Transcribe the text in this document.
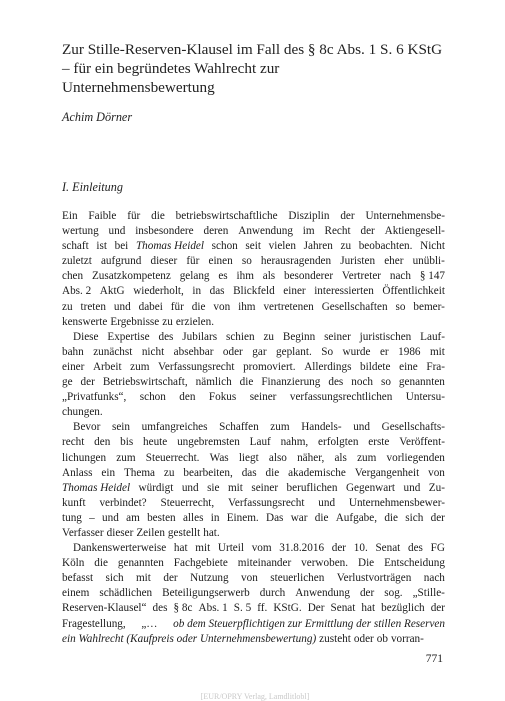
Zur Stille-Reserven-Klausel im Fall des § 8c Abs. 1 S. 6 KStG
– für ein begründetes Wahlrecht zur
Unternehmensbewertung
Achim Dörner
I. Einleitung
Ein Faible für die betriebswirtschaftliche Disziplin der Unternehmensbe-
wertung und insbesondere deren Anwendung im Recht der Aktiengesell-
schaft ist bei Thomas Heidel schon seit vielen Jahren zu beobachten. Nicht
zuletzt aufgrund dieser für einen so herausragenden Juristen eher unübli-
chen Zusatzkompetenz gelang es ihm als besonderer Vertreter nach § 147
Abs. 2 AktG wiederholt, in das Blickfeld einer interessierten Öffentlichkeit
zu treten und dabei für die von ihm vertretenen Gesellschaften so bemer-
kenswerte Ergebnisse zu erzielen.
Diese Expertise des Jubilars schien zu Beginn seiner juristischen Lauf-
bahn zunächst nicht absehbar oder gar geplant. So wurde er 1986 mit
einer Arbeit zum Verfassungsrecht promoviert. Allerdings bildete eine Fra-
ge der Betriebswirtschaft, nämlich die Finanzierung des noch so genannten
„Privatfunks“, schon den Fokus seiner verfassungsrechtlichen Untersu-
chungen.
Bevor sein umfangreiches Schaffen zum Handels- und Gesellschafts-
recht den bis heute ungebremsten Lauf nahm, erfolgten erste Veröffent-
lichungen zum Steuerrecht. Was liegt also näher, als zum vorliegenden
Anlass ein Thema zu bearbeiten, das die akademische Vergangenheit von
Thomas Heidel würdigt und sie mit seiner beruflichen Gegenwart und Zu-
kunft verbindet? Steuerrecht, Verfassungsrecht und Unternehmensbewer-
tung – und am besten alles in Einem. Das war die Aufgabe, die sich der
Verfasser dieser Zeilen gestellt hat.
Dankenswerterweise hat mit Urteil vom 31.8.2016 der 10. Senat des FG
Köln die genannten Fachgebiete miteinander verwoben. Die Entscheidung
befasst sich mit der Nutzung von steuerlichen Verlustvorträgen nach
einem schädlichen Beteiligungserwerb durch Anwendung der sog. „Stille-
Reserven-Klausel“ des § 8c Abs. 1 S. 5 ff. KStG. Der Senat hat bezüglich der
Fragestellung, „… ob dem Steuerpflichtigen zur Ermittlung der stillen Reserven
ein Wahlrecht (Kaufpreis oder Unternehmensbewertung) zusteht oder ob vorran-
771
[EUR/OPRY Verlag, Lamdlitlobl]
